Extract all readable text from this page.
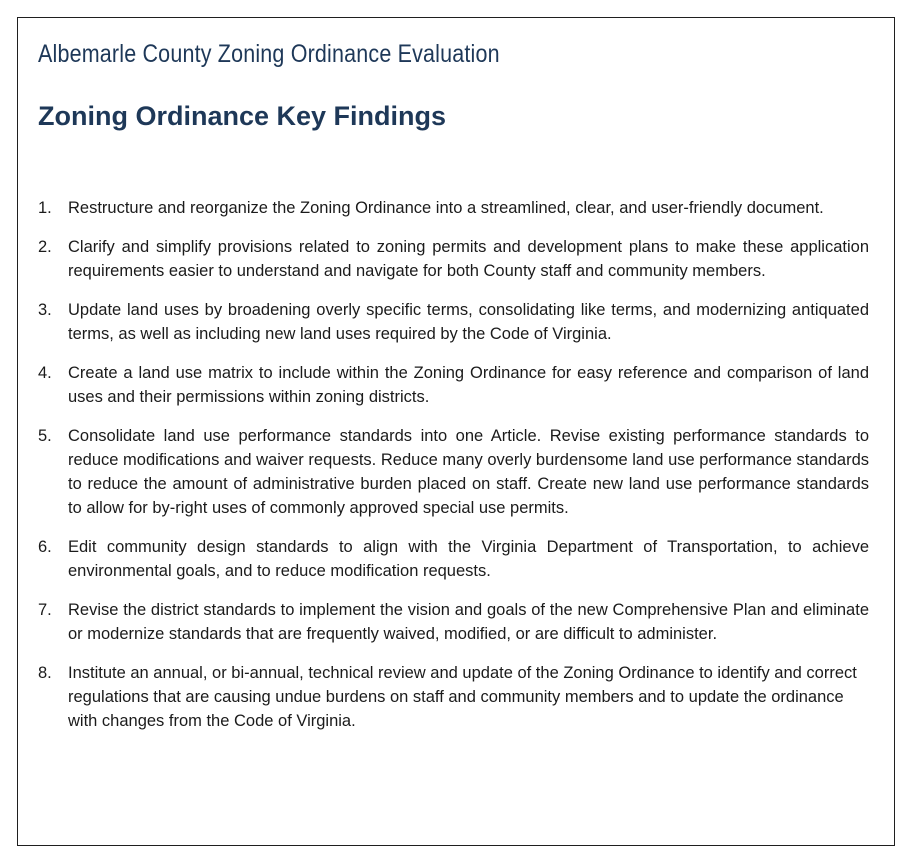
Albemarle County Zoning Ordinance Evaluation
Zoning Ordinance Key Findings
1. Restructure and reorganize the Zoning Ordinance into a streamlined, clear, and user-friendly document.
2. Clarify and simplify provisions related to zoning permits and development plans to make these application requirements easier to understand and navigate for both County staff and community members.
3. Update land uses by broadening overly specific terms, consolidating like terms, and modernizing antiquated terms, as well as including new land uses required by the Code of Virginia.
4. Create a land use matrix to include within the Zoning Ordinance for easy reference and comparison of land uses and their permissions within zoning districts.
5. Consolidate land use performance standards into one Article. Revise existing performance standards to reduce modifications and waiver requests. Reduce many overly burdensome land use performance standards to reduce the amount of administrative burden placed on staff. Create new land use performance standards to allow for by-right uses of commonly approved special use permits.
6. Edit community design standards to align with the Virginia Department of Transportation, to achieve environmental goals, and to reduce modification requests.
7. Revise the district standards to implement the vision and goals of the new Comprehensive Plan and eliminate or modernize standards that are frequently waived, modified, or are difficult to administer.
8. Institute an annual, or bi-annual, technical review and update of the Zoning Ordinance to identify and correct regulations that are causing undue burdens on staff and community members and to update the ordinance with changes from the Code of Virginia.
